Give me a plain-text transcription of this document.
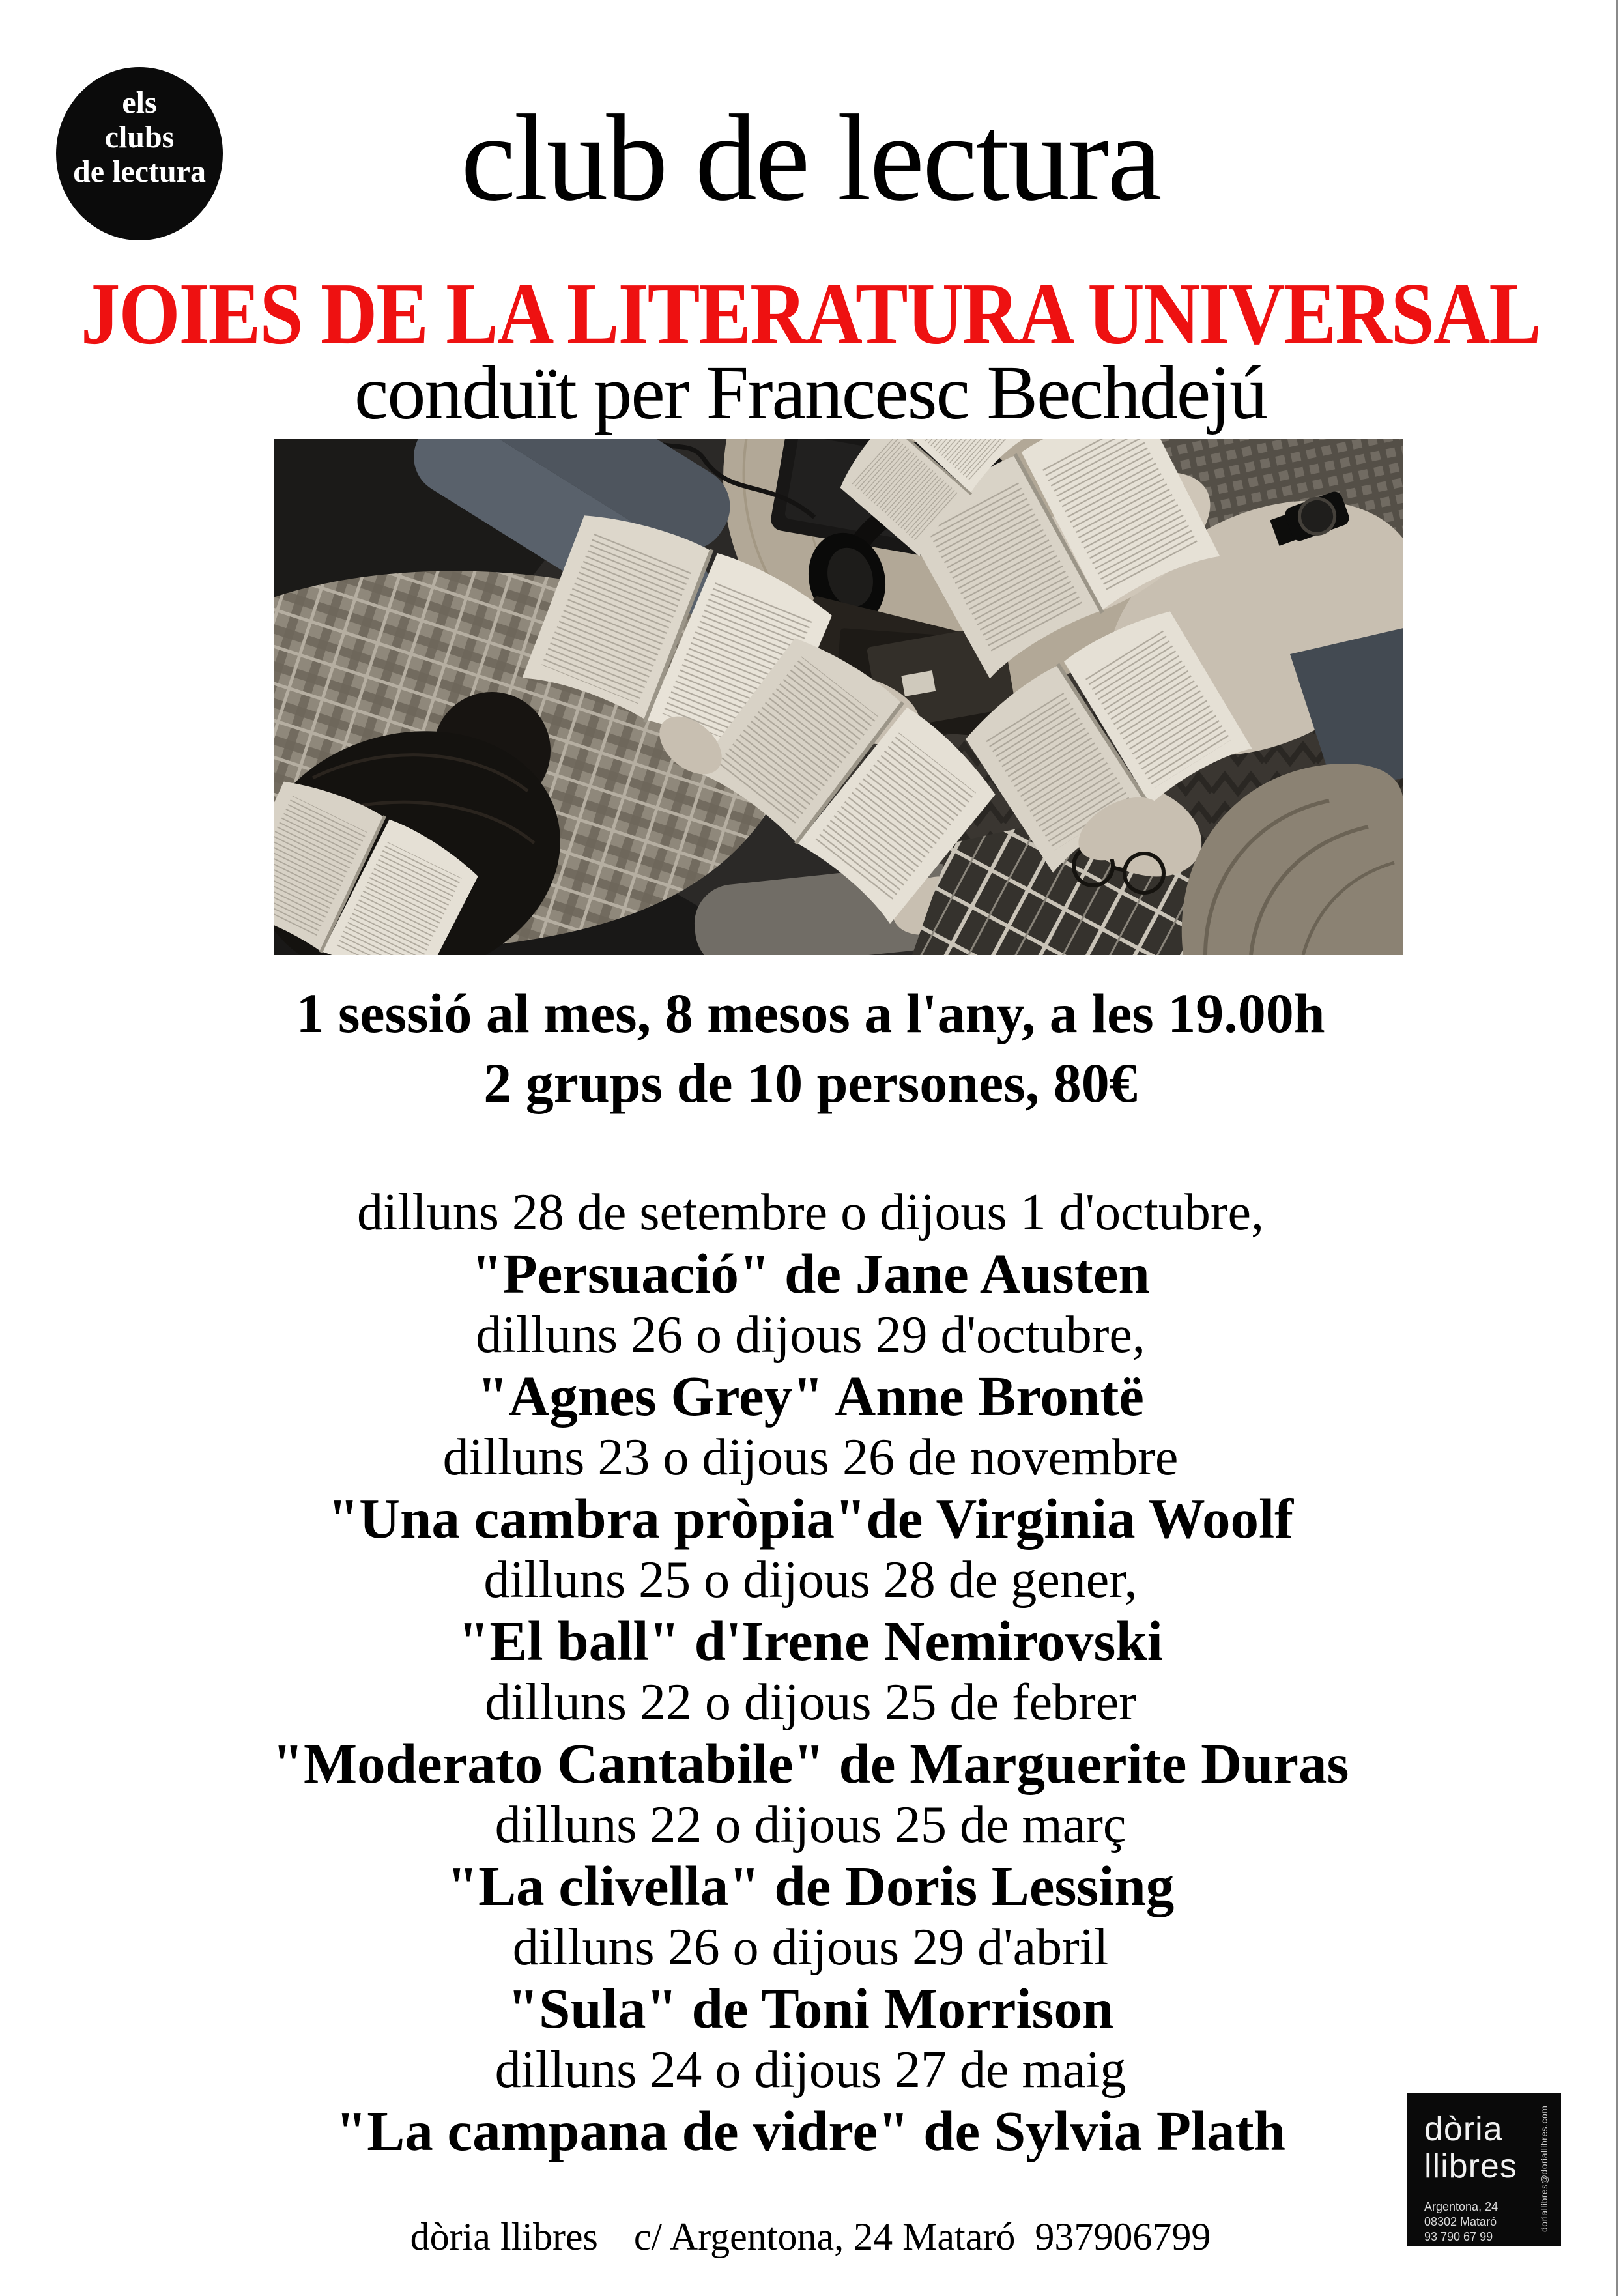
els
clubs
de lectura	club de lectura
JOIES DE LA LITERATURA UNIVERSAL
conduït per Francesc Bechdejú
1 sessió al mes, 8 mesos a l'any, a les 19.00h
2 grups de 10 persones, 80€
dilluns 28 de setembre o dijous 1 d'octubre,
"Persuació" de Jane Austen
dilluns 26 o dijous 29 d'octubre,
"Agnes Grey" Anne Brontë
dilluns 23 o dijous 26 de novembre
"Una cambra pròpia"de Virginia Woolf
dilluns 25 o dijous 28 de gener,
"El ball" d'Irene Nemirovski
dilluns 22 o dijous 25 de febrer
"Moderato Cantabile" de Marguerite Duras
dilluns 22 o dijous 25 de març
"La clivella" de Doris Lessing
dilluns 26 o dijous 29 d'abril
"Sula" de Toni Morrison
dilluns 24 o dijous 27 de maig
"La campana de vidre" de Sylvia Plath
dòria llibres c/ Argentona, 24 Mataró 937906799
dòria
llibres
Argentona, 24
08302 Mataró
93 790 67 99
doriallibres@doriallibres.com
